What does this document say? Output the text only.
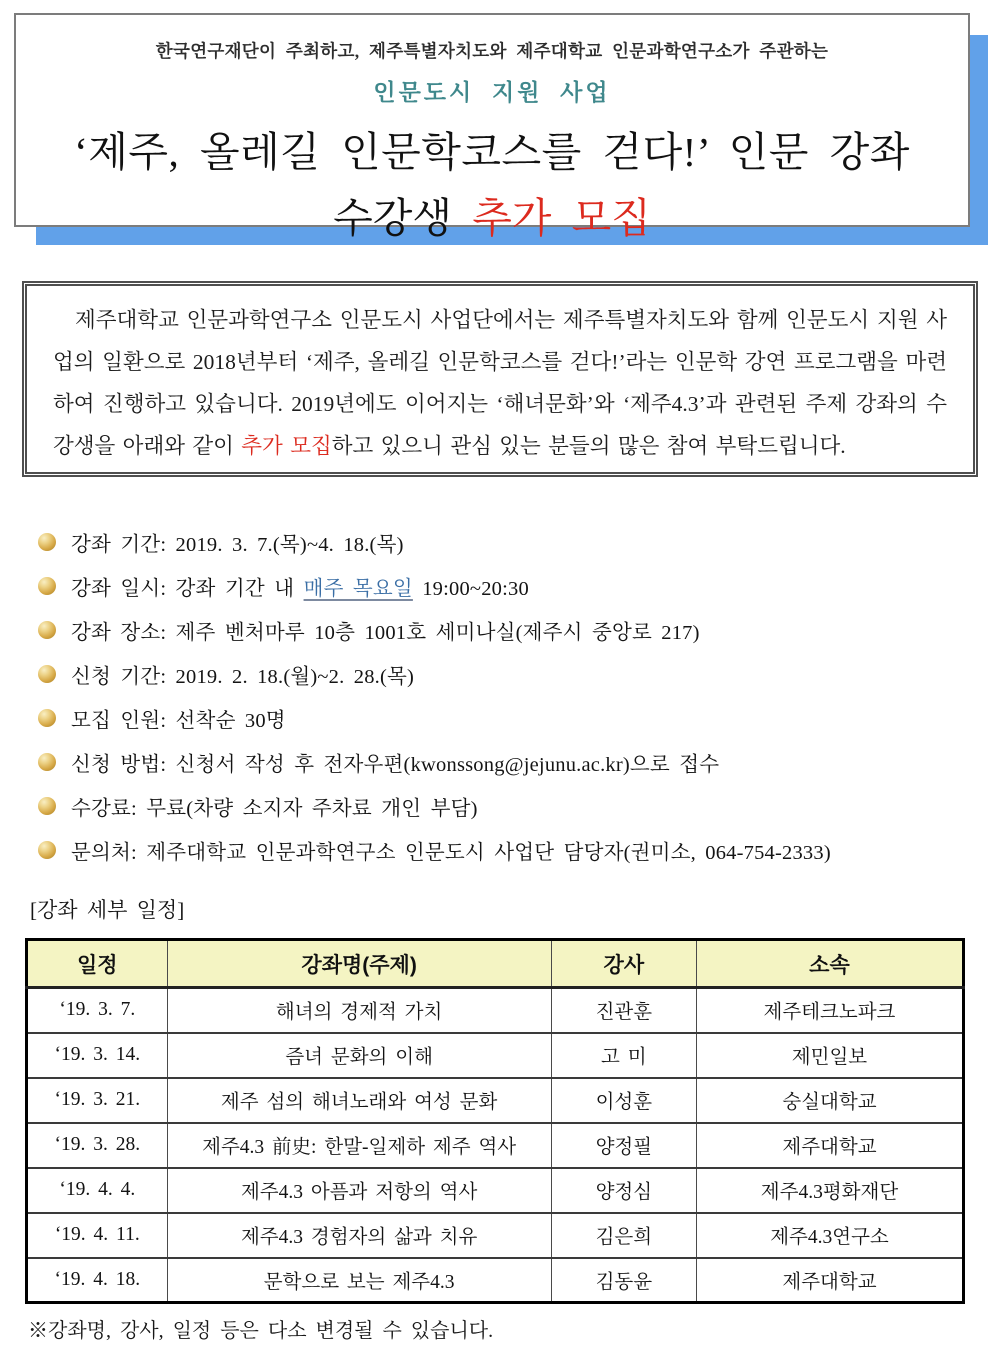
한국연구재단이 주최하고, 제주특별자치도와 제주대학교 인문과학연구소가 주관하는
인문도시 지원 사업
‘제주, 올레길 인문학코스를 걷다!’ 인문 강좌
수강생 추가 모집

제주대학교 인문과학연구소 인문도시 사업단에서는 제주특별자치도와 함께 인문도시 지원 사업의 일환으로 2018년부터 ‘제주, 올레길 인문학코스를 걷다!’라는 인문학 강연 프로그램을 마련하여 진행하고 있습니다. 2019년에도 이어지는 ‘해녀문화’와 ‘제주4.3’과 관련된 주제 강좌의 수강생을 아래와 같이 추가 모집하고 있으니 관심 있는 분들의 많은 참여 부탁드립니다.

강좌 기간: 2019. 3. 7.(목)~4. 18.(목)
강좌 일시: 강좌 기간 내 매주 목요일 19:00~20:30
강좌 장소: 제주 벤처마루 10층 1001호 세미나실(제주시 중앙로 217)
신청 기간: 2019. 2. 18.(월)~2. 28.(목)
모집 인원: 선착순 30명
신청 방법: 신청서 작성 후 전자우편(kwonssong@jejunu.ac.kr)으로 접수
수강료: 무료(차량 소지자 주차료 개인 부담)
문의처: 제주대학교 인문과학연구소 인문도시 사업단 담당자(권미소, 064-754-2333)
[강좌 세부 일정]
일정	강좌명(주제)	강사	소속
‘19. 3. 7.	해녀의 경제적 가치	진관훈	제주테크노파크
‘19. 3. 14.	즘녀 문화의 이해	고 미	제민일보
‘19. 3. 21.	제주 섬의 해녀노래와 여성 문화	이성훈	숭실대학교
‘19. 3. 28.	제주4.3 前史: 한말-일제하 제주 역사	양정필	제주대학교
‘19. 4. 4.	제주4.3 아픔과 저항의 역사	양정심	제주4.3평화재단
‘19. 4. 11.	제주4.3 경험자의 삶과 치유	김은희	제주4.3연구소
‘19. 4. 18.	문학으로 보는 제주4.3	김동윤	제주대학교
※강좌명, 강사, 일정 등은 다소 변경될 수 있습니다.
